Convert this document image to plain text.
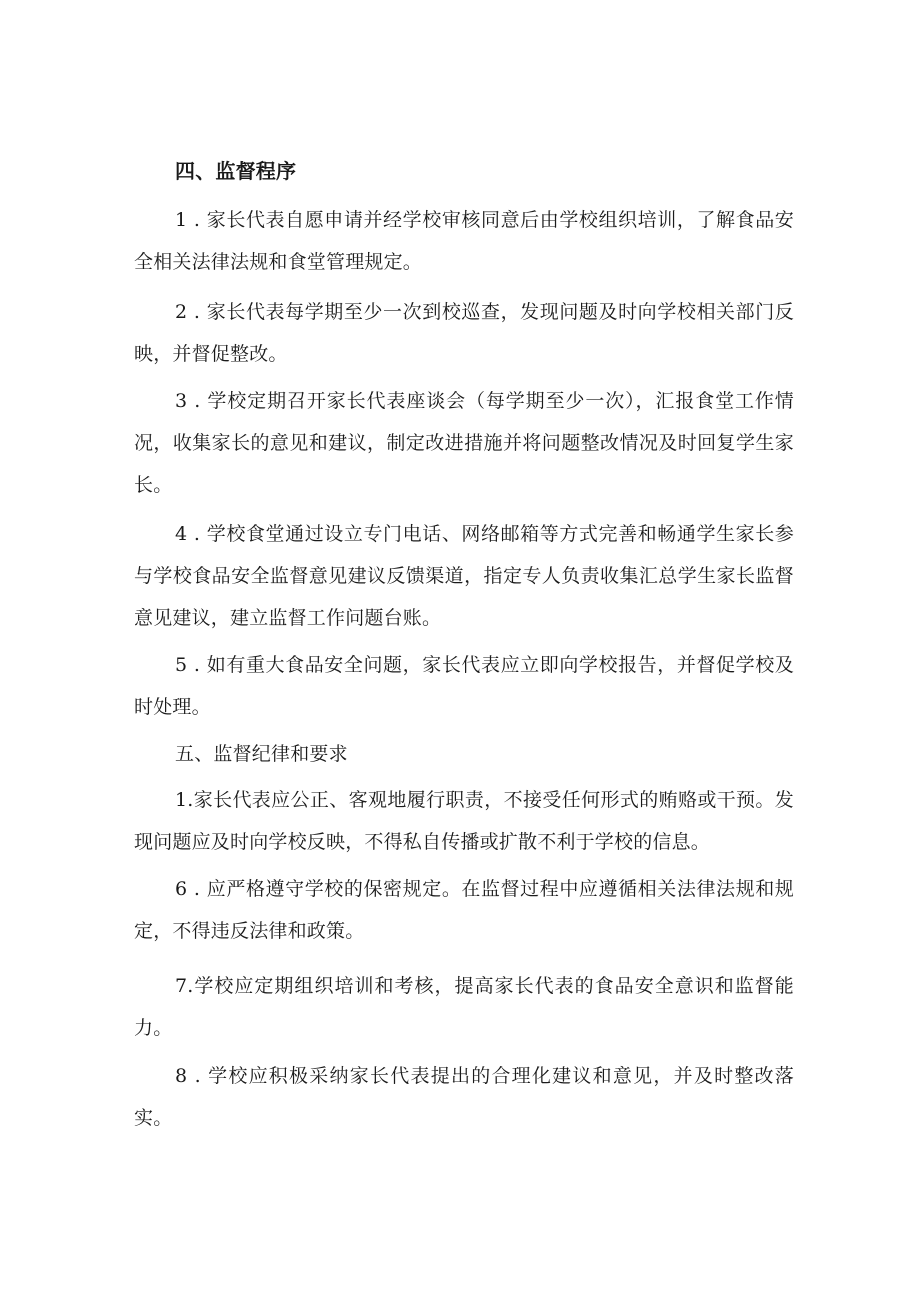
四、监督程序

1 . 家长代表自愿申请并经学校审核同意后由学校组织培训，了解食品安全相关法律法规和食堂管理规定。

2 . 家长代表每学期至少一次到校巡查，发现问题及时向学校相关部门反映，并督促整改。

3 . 学校定期召开家长代表座谈会（每学期至少一次），汇报食堂工作情况，收集家长的意见和建议，制定改进措施并将问题整改情况及时回复学生家长。

4 . 学校食堂通过设立专门电话、网络邮箱等方式完善和畅通学生家长参与学校食品安全监督意见建议反馈渠道，指定专人负责收集汇总学生家长监督意见建议，建立监督工作问题台账。

5 . 如有重大食品安全问题，家长代表应立即向学校报告，并督促学校及时处理。

五、监督纪律和要求

1.家长代表应公正、客观地履行职责，不接受任何形式的贿赂或干预。发现问题应及时向学校反映，不得私自传播或扩散不利于学校的信息。

6 . 应严格遵守学校的保密规定。在监督过程中应遵循相关法律法规和规定，不得违反法律和政策。

7.学校应定期组织培训和考核，提高家长代表的食品安全意识和监督能力。

8 . 学校应积极采纳家长代表提出的合理化建议和意见，并及时整改落实。
